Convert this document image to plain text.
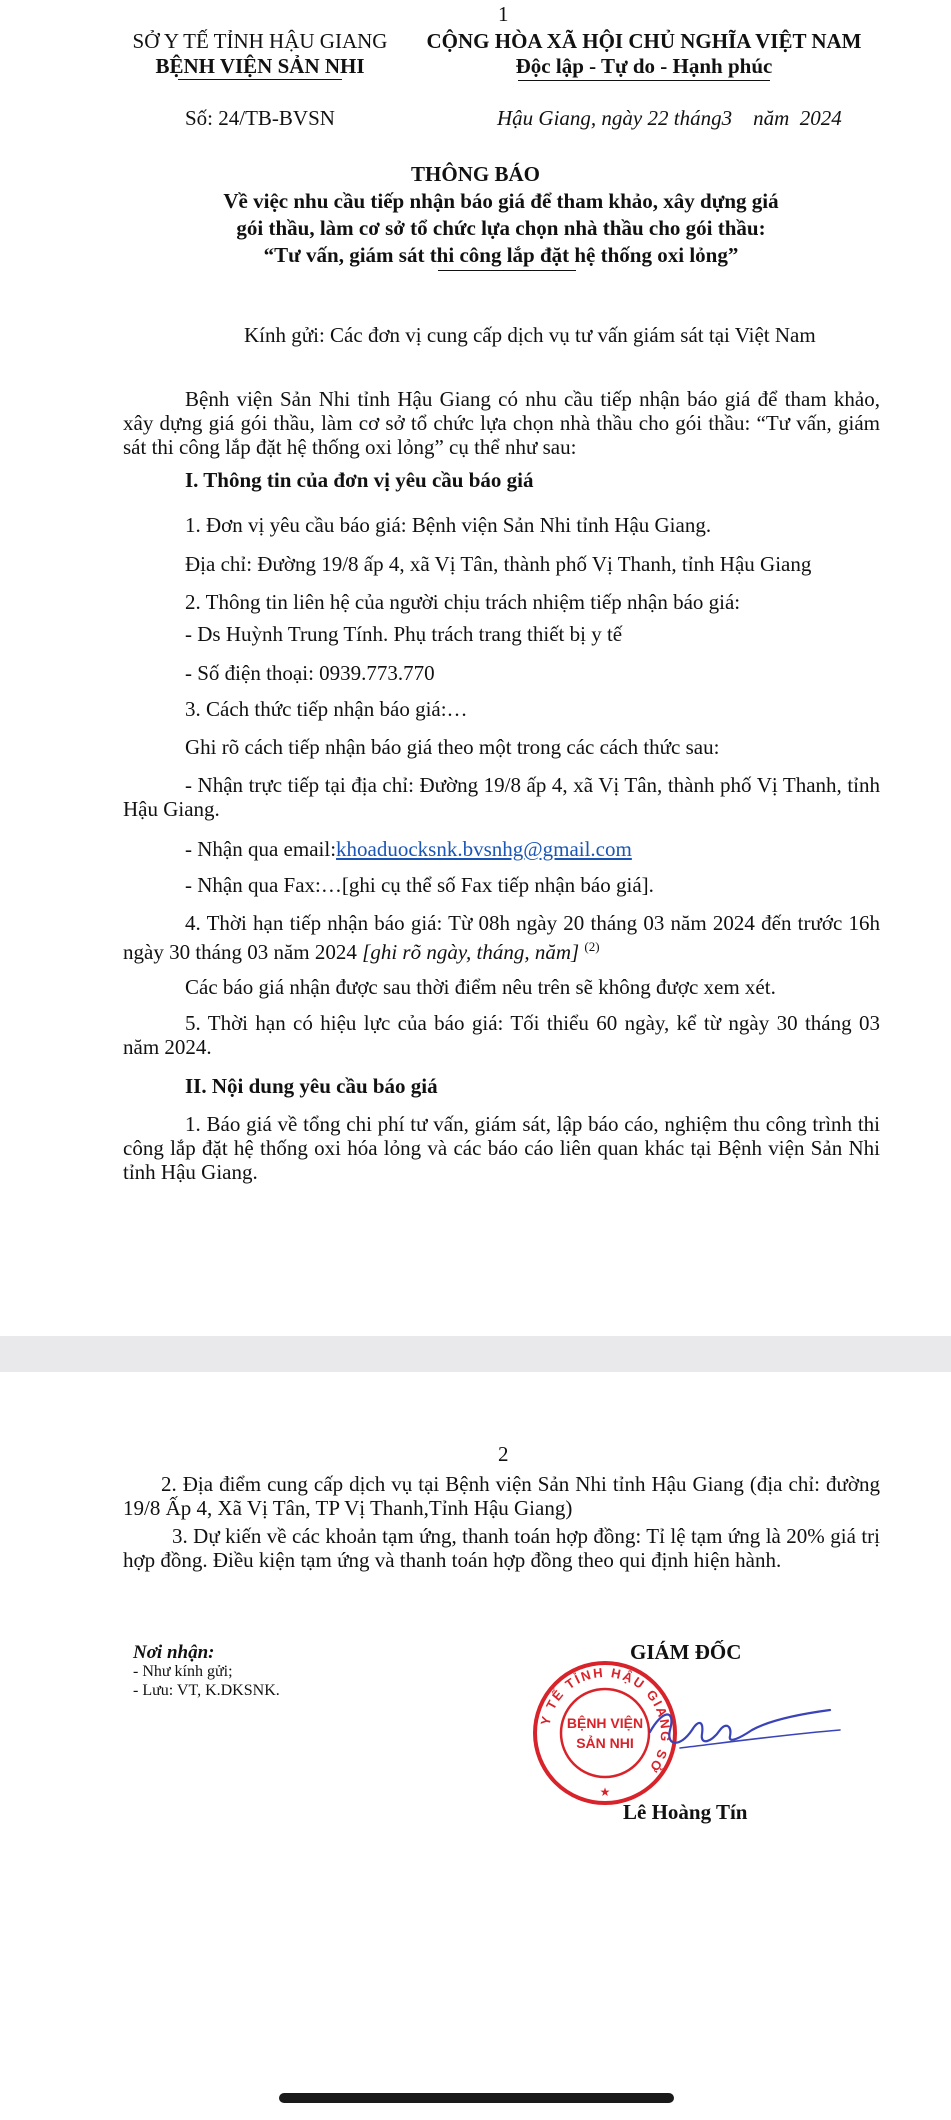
1
SỞ Y TẾ TỈNH HẬU GIANG
BỆNH VIỆN SẢN NHI
CỘNG HÒA XÃ HỘI CHỦ NGHĨA VIỆT NAM
Độc lập - Tự do - Hạnh phúc
Số: 24/TB-BVSN	Hậu Giang, ngày 22 tháng3    năm  2024
THÔNG BÁO
Về việc nhu cầu tiếp nhận báo giá để tham khảo, xây dựng giá
gói thầu, làm cơ sở tổ chức lựa chọn nhà thầu cho gói thầu:
“Tư vấn, giám sát thi công lắp đặt hệ thống oxi lỏng”
Kính gửi: Các đơn vị cung cấp dịch vụ tư vấn giám sát tại Việt Nam
Bệnh viện Sản Nhi tỉnh Hậu Giang có nhu cầu tiếp nhận báo giá để tham khảo, xây dựng giá gói thầu, làm cơ sở tổ chức lựa chọn nhà thầu cho gói thầu: “Tư vấn, giám sát thi công lắp đặt hệ thống oxi lỏng” cụ thể như sau:
I. Thông tin của đơn vị yêu cầu báo giá
1. Đơn vị yêu cầu báo giá: Bệnh viện Sản Nhi tỉnh Hậu Giang.
Địa chỉ: Đường 19/8 ấp 4, xã Vị Tân, thành phố Vị Thanh, tỉnh Hậu Giang
2. Thông tin liên hệ của người chịu trách nhiệm tiếp nhận báo giá:
- Ds Huỳnh Trung Tính. Phụ trách trang thiết bị y tế
- Số điện thoại: 0939.773.770
3. Cách thức tiếp nhận báo giá:…
Ghi rõ cách tiếp nhận báo giá theo một trong các cách thức sau:
- Nhận trực tiếp tại địa chỉ: Đường 19/8 ấp 4, xã Vị Tân, thành phố Vị Thanh, tỉnh Hậu Giang.
- Nhận qua email:khoaduocksnk.bvsnhg@gmail.com
- Nhận qua Fax:…[ghi cụ thể số Fax tiếp nhận báo giá].
4. Thời hạn tiếp nhận báo giá: Từ 08h ngày 20 tháng 03 năm 2024 đến trước 16h ngày 30 tháng 03 năm 2024 [ghi rõ ngày, tháng, năm] $^{(2)}$
Các báo giá nhận được sau thời điểm nêu trên sẽ không được xem xét.
5. Thời hạn có hiệu lực của báo giá: Tối thiểu 60 ngày, kể từ ngày 30 tháng 03 năm 2024.
II. Nội dung yêu cầu báo giá
1. Báo giá về tổng chi phí tư vấn, giám sát, lập báo cáo, nghiệm thu công trình thi công lắp đặt hệ thống oxi hóa lỏng và các báo cáo liên quan khác tại Bệnh viện Sản Nhi tỉnh Hậu Giang.
2
2. Địa điểm cung cấp dịch vụ tại Bệnh viện Sản Nhi tỉnh Hậu Giang (địa chỉ: đường 19/8 Ấp 4, Xã Vị Tân, TP Vị Thanh,Tỉnh Hậu Giang)
3. Dự kiến về các khoản tạm ứng, thanh toán hợp đồng: Tỉ lệ tạm ứng là 20% giá trị hợp đồng. Điều kiện tạm ứng và thanh toán hợp đồng theo qui định hiện hành.
Nơi nhận:
- Như kính gửi;
- Lưu: VT, K.DKSNK.
GIÁM ĐỐC
Y TẾ TỈNH HẬU GIANG SỞ
BỆNH VIỆN
SẢN NHI
★
Lê Hoàng Tín
